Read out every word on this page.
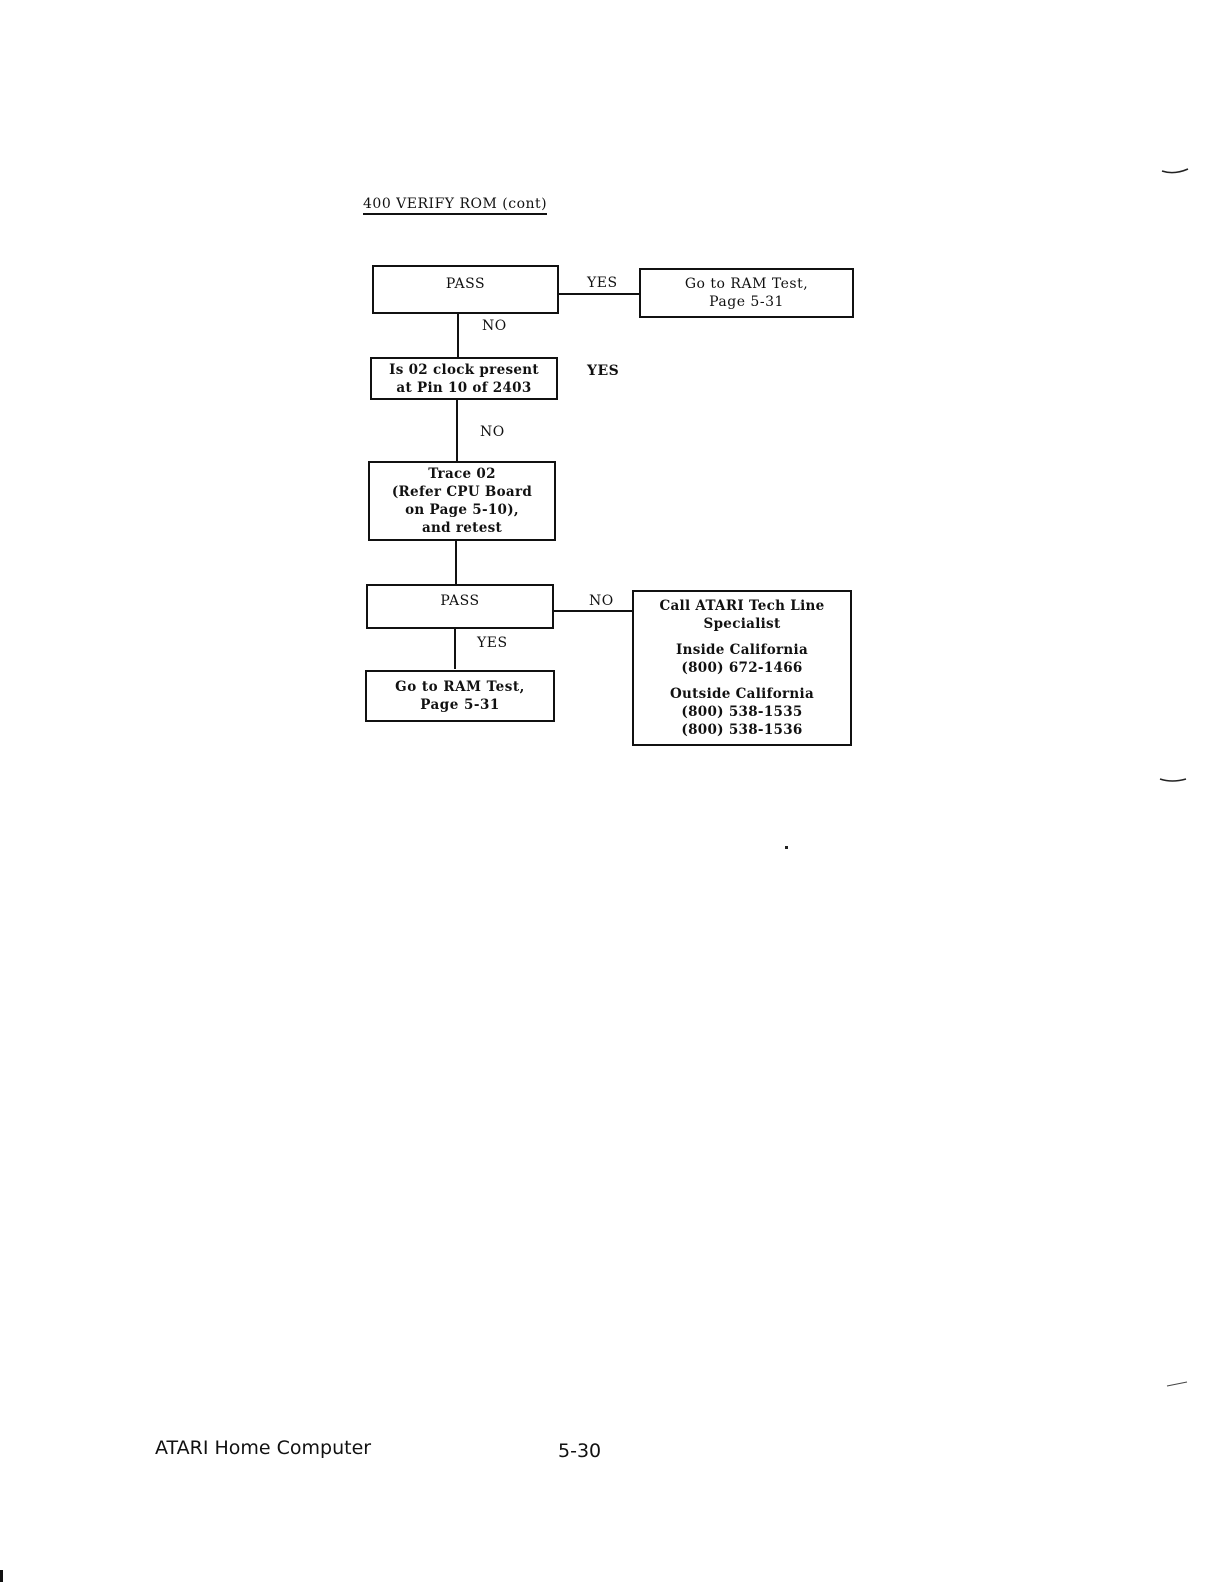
400 VERIFY ROM (cont)
PASS	Go to RAM Test,
Page 5-31
Is 02 clock present
at Pin 10 of 2403
Trace 02
(Refer CPU Board
on Page 5-10),
and retest
PASS
Go to RAM Test,
Page 5-31
Call ATARI Tech Line
Specialist
Inside California
(800) 672-1466
Outside California
(800) 538-1535
(800) 538-1536
YES
NO
YES
NO
NO
YES
ATARI Home Computer	5-30
